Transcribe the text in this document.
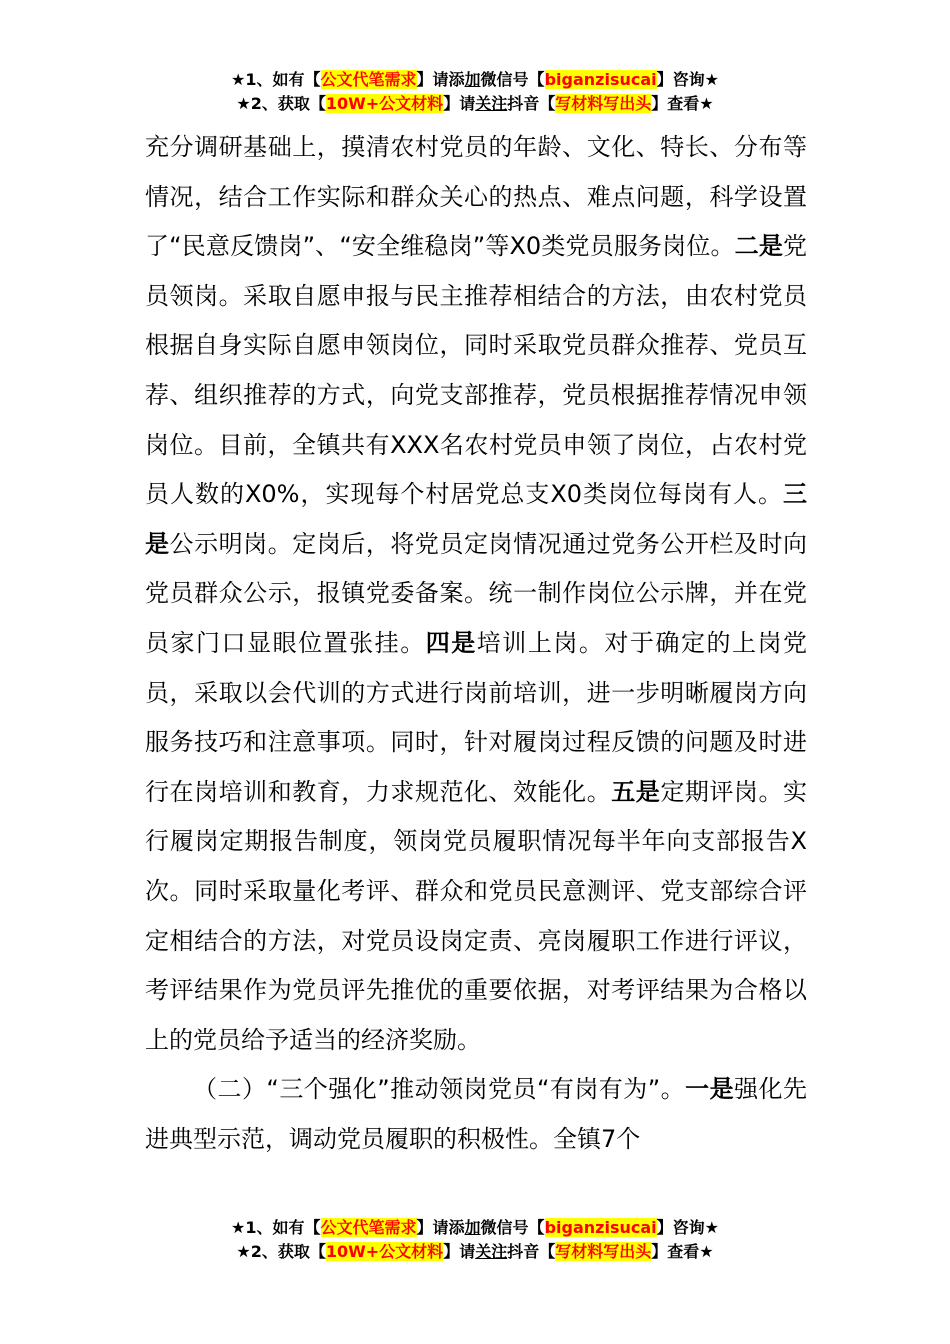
★1、如有【公文代笔需求】请添加微信号【biganzisucai】咨询★
★2、获取【10W+公文材料】请关注抖音【写材料写出头】查看★

充分调研基础上，摸清农村党员的年龄、文化、特长、分布等情况，结合工作实际和群众关心的热点、难点问题，科学设置了“民意反馈岗”、“安全维稳岗”等X0类党员服务岗位。二是党员领岗。采取自愿申报与民主推荐相结合的方法，由农村党员根据自身实际自愿申领岗位，同时采取党员群众推荐、党员互荐、组织推荐的方式，向党支部推荐，党员根据推荐情况申领岗位。目前，全镇共有XXX名农村党员申领了岗位，占农村党员人数的X0%，实现每个村居党总支X0类岗位每岗有人。三是公示明岗。定岗后，将党员定岗情况通过党务公开栏及时向党员群众公示，报镇党委备案。统一制作岗位公示牌，并在党员家门口显眼位置张挂。四是培训上岗。对于确定的上岗党员，采取以会代训的方式进行岗前培训，进一步明晰履岗方向服务技巧和注意事项。同时，针对履岗过程反馈的问题及时进行在岗培训和教育，力求规范化、效能化。五是定期评岗。实行履岗定期报告制度，领岗党员履职情况每半年向支部报告X次。同时采取量化考评、群众和党员民意测评、党支部综合评定相结合的方法，对党员设岗定责、亮岗履职工作进行评议，考评结果作为党员评先推优的重要依据，对考评结果为合格以上的党员给予适当的经济奖励。

（二）“三个强化”推动领岗党员“有岗有为”。一是强化先进典型示范，调动党员履职的积极性。全镇7个

★1、如有【公文代笔需求】请添加微信号【biganzisucai】咨询★
★2、获取【10W+公文材料】请关注抖音【写材料写出头】查看★
